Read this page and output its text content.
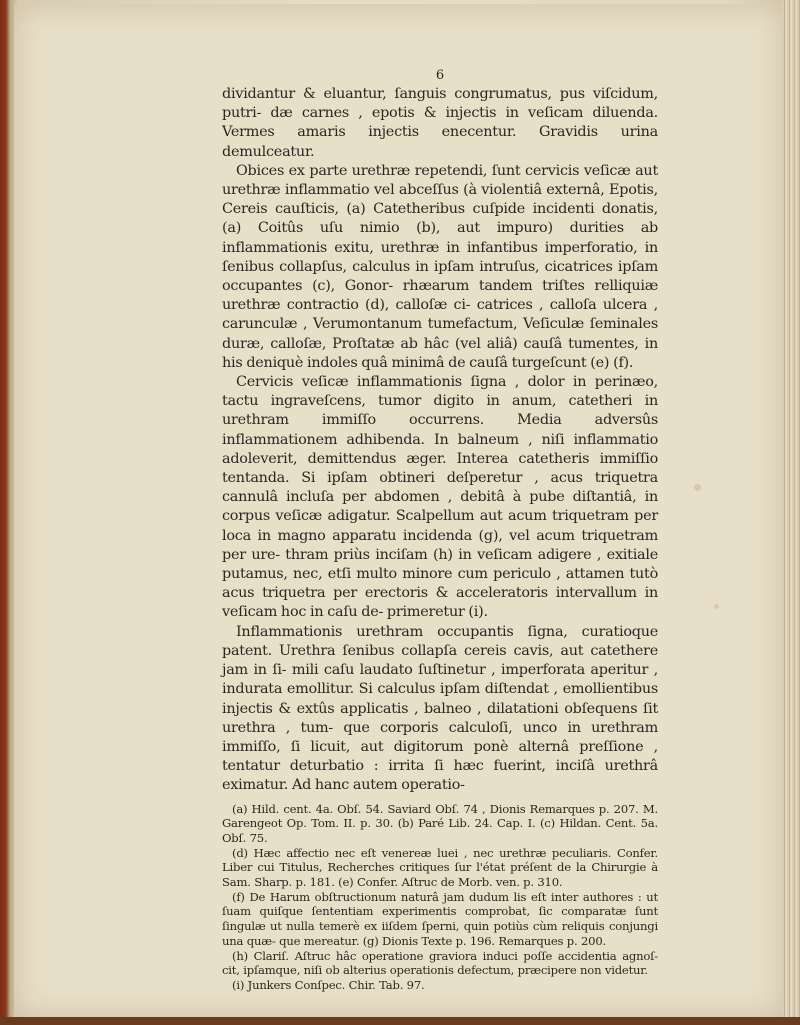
6

dividantur & eluantur, ſanguis congrumatus, pus viſcidum, putri- dæ carnes , epotis & injectis in veſicam diluenda. Vermes amaris injectis enecentur. Gravidis urina demulceatur.

Obices ex parte urethræ repetendi, ſunt cervicis veſicæ aut urethræ inflammatio vel abceſſus (à violentiâ externâ, Epotis, Cereis cauſticis, (a) Catetheribus cuſpide incidenti donatis, (a) Coitûs uſu nimio (b), aut impuro) durities ab inflammationis exitu, urethræ in infantibus imperforatio, in ſenibus collapſus, calculus in ipſam intruſus, cicatrices ipſam occupantes (c), Gonor- rhæarum tandem triſtes relliquiæ urethræ contractio (d), calloſæ ci- catrices , calloſa ulcera , carunculæ , Verumontanum tumefactum, Veſiculæ ſeminales duræ, calloſæ, Proſtatæ ab hâc (vel aliâ) cauſâ tumentes, in his deniquè indoles quâ minimâ de cauſâ turgeſcunt (e) (f).

Cervicis veſicæ inflammationis ſigna , dolor in perinæo, tactu ingraveſcens, tumor digito in anum, catetheri in urethram immiſſo occurrens. Media adversûs inflammationem adhibenda. In balneum , niſi inflammatio adoleverit, demittendus æger. Interea catetheris immiſſio tentanda. Si ipſam obtineri deſperetur , acus triquetra cannulâ incluſa per abdomen , debitâ à pube diſtantiâ, in corpus veſicæ adigatur. Scalpellum aut acum triquetram per loca in magno apparatu incidenda (g), vel acum triquetram per ure- thram priùs inciſam (h) in veſicam adigere , exitiale putamus, nec, etſi multo minore cum periculo , attamen tutò acus triquetra per erectoris & acceleratoris intervallum in veſicam hoc in caſu de- primeretur (i).

Inflammationis urethram occupantis ſigna, curatioque patent. Urethra ſenibus collapſa cereis cavis, aut catethere jam in ſi- mili caſu laudato ſuſtinetur , imperforata aperitur , indurata emollitur. Si calculus ipſam diſtendat , emollientibus injectis & extûs applicatis , balneo , dilatationi obſequens ſit urethra , tum- que corporis calculoſi, unco in urethram immiſſo, ſi licuit, aut digitorum ponè alternâ preſſione , tentatur deturbatio : irrita ſi hæc fuerint, inciſâ urethrâ eximatur. Ad hanc autem operatio-

(a) Hild. cent. 4a. Obſ. 54. Saviard Obſ. 74 , Dionis Remarques p. 207. M. Garengeot Op. Tom. II. p. 30. (b) Paré Lib. 24. Cap. I. (c) Hildan. Cent. 5a. Obſ. 75.

(d) Hæc affectio nec eſt venereæ luei , nec urethræ peculiaris. Confer. Liber cui Titulus, Recherches critiques ſur l'état préſent de la Chirurgie à Sam. Sharp. p. 181. (e) Confer. Aſtruc de Morb. ven. p. 310.

(f) De Harum obſtructionum naturâ jam dudum lis eſt inter authores : ut ſuam quiſque ſententiam experimentis comprobat, ſic comparatæ ſunt ſingulæ ut nulla temerè ex iiſdem ſperni, quin potiùs cùm reliquis conjungi una quæ- que mereatur. (g) Dionis Texte p. 196. Remarques p. 200.

(h) Clariſ. Aſtruc hâc operatione graviora induci poſſe accidentia agnoſ- cit, ipſamque, niſi ob alterius operationis defectum, præcipere non videtur.

(i) Junkers Conſpec. Chir. Tab. 97.
